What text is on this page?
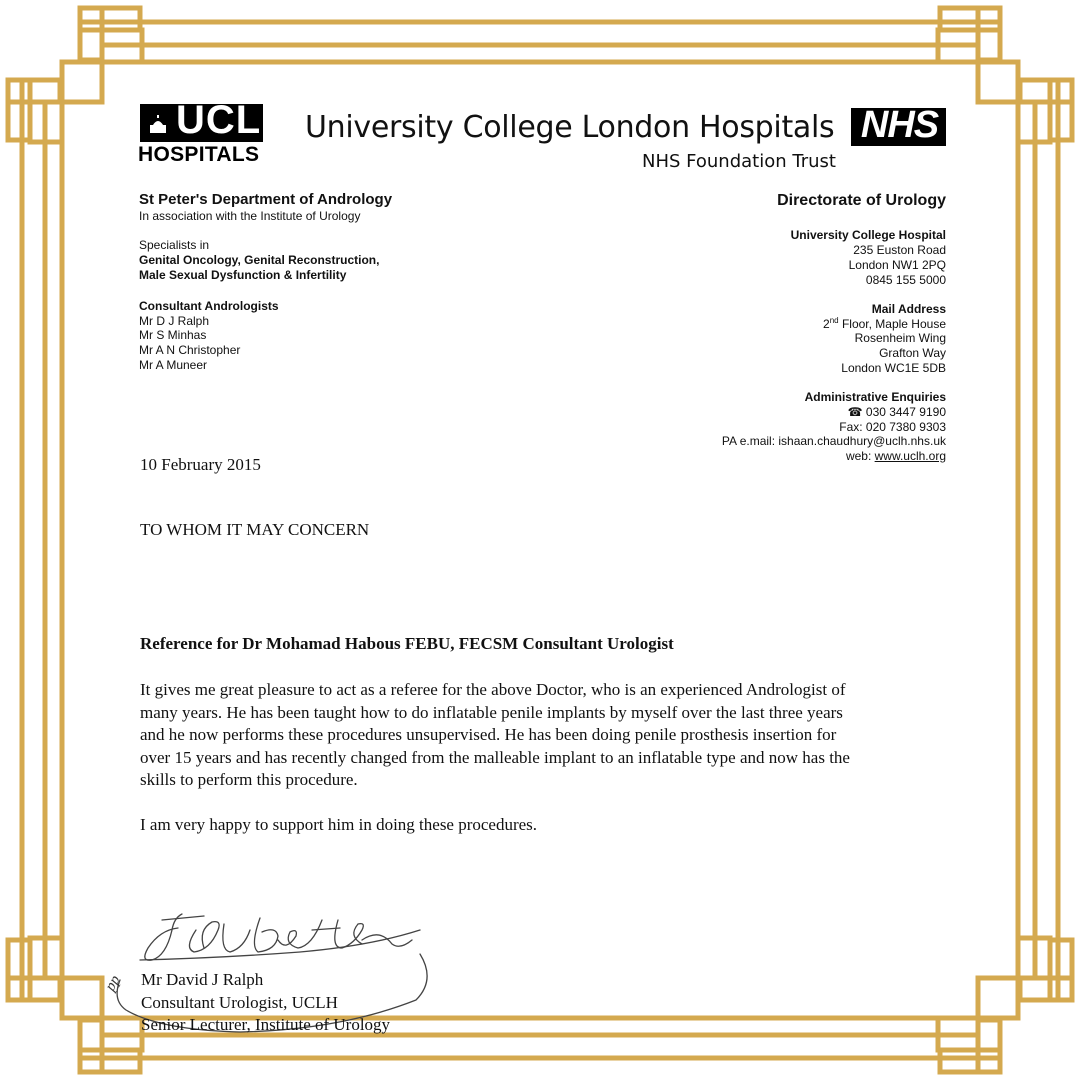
UCL
HOSPITALS
University College London Hospitals
NHS Foundation Trust
NHS
St Peter's Department of Andrology
In association with the Institute of Urology
Specialists in
Genital Oncology, Genital Reconstruction,
Male Sexual Dysfunction & Infertility
Consultant Andrologists
Mr D J Ralph
Mr S Minhas
Mr A N Christopher
Mr A Muneer
Directorate of Urology
University College Hospital
235 Euston Road
London NW1 2PQ
0845 155 5000
Mail Address
2nd Floor, Maple House
Rosenheim Wing
Grafton Way
London WC1E 5DB
Administrative Enquiries
☎ 030 3447 9190
Fax: 020 7380 9303
PA e.mail: ishaan.chaudhury@uclh.nhs.uk
web: www.uclh.org
10 February 2015
TO WHOM IT MAY CONCERN
Reference for Dr Mohamad Habous FEBU, FECSM Consultant Urologist
It gives me great pleasure to act as a referee for the above Doctor, who is an experienced Andrologist of
many years. He has been taught how to do inflatable penile implants by myself over the last three years
and he now performs these procedures unsupervised. He has been doing penile prosthesis insertion for
over 15 years and has recently changed from the malleable implant to an inflatable type and now has the
skills to perform this procedure.
I am very happy to support him in doing these procedures.
pp Mr David J Ralph
Consultant Urologist, UCLH
Senior Lecturer, Institute of Urology
